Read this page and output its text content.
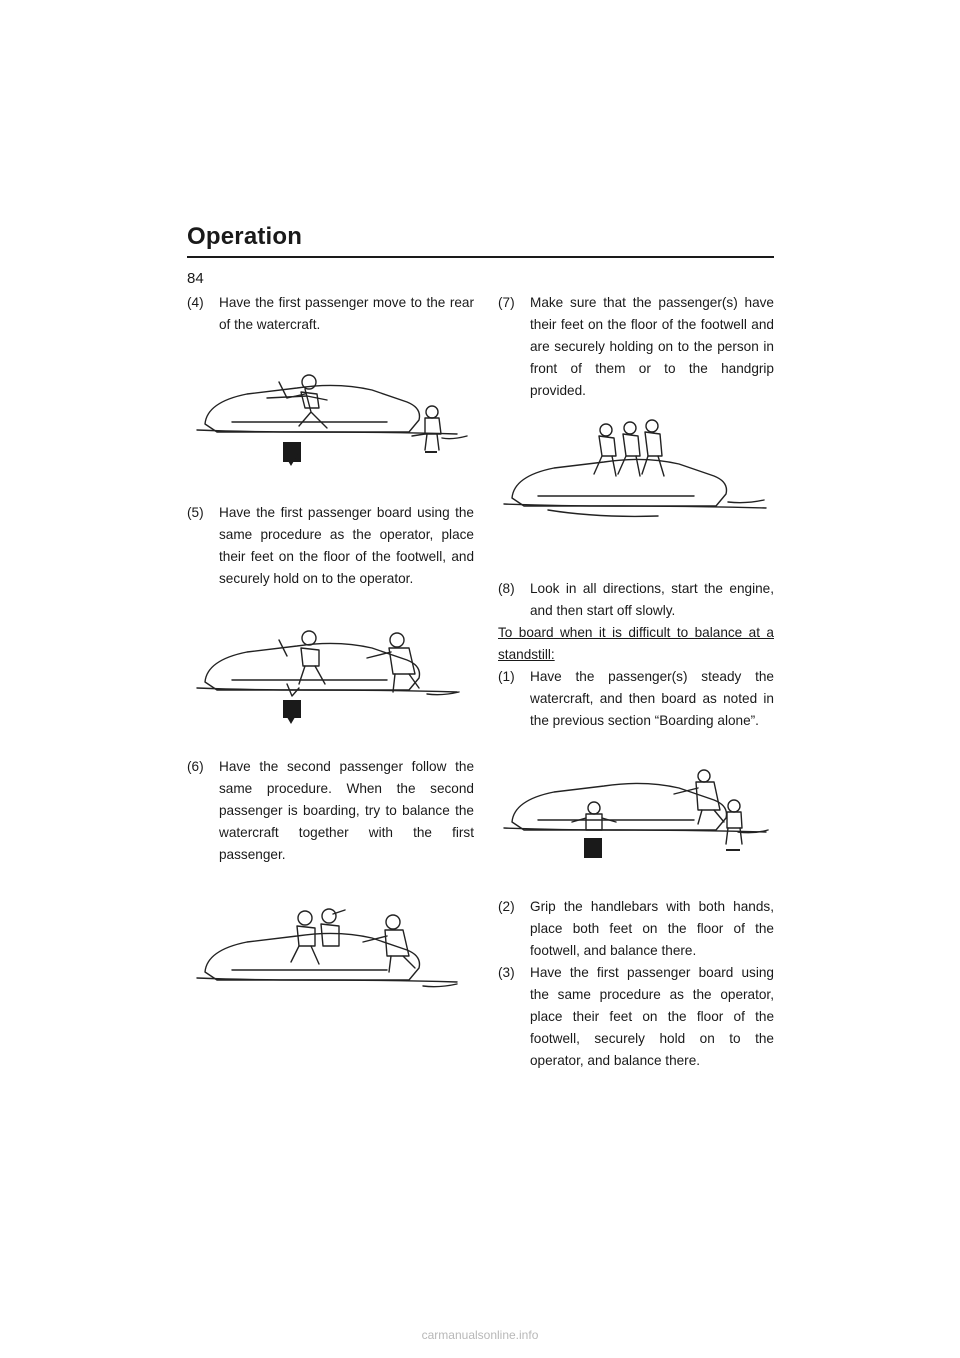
Operation
84

(4) Have the first passenger move to the rear of the watercraft.

(5) Have the first passenger board using the same procedure as the operator, place their feet on the floor of the footwell, and securely hold on to the operator.

(6) Have the second passenger follow the same procedure. When the second passenger is boarding, try to balance the watercraft together with the first passenger.

(7) Make sure that the passenger(s) have their feet on the floor of the footwell and are securely holding on to the person in front of them or to the handgrip provided.

(8) Look in all directions, start the engine, and then start off slowly.

To board when it is difficult to balance at a standstill:

(1) Have the passenger(s) steady the watercraft, and then board as noted in the previous section “Boarding alone”.

(2) Grip the handlebars with both hands, place both feet on the floor of the footwell, and balance there.

(3) Have the first passenger board using the same procedure as the operator, place their feet on the floor of the footwell, securely hold on to the operator, and balance there.

carmanualsonline.info
